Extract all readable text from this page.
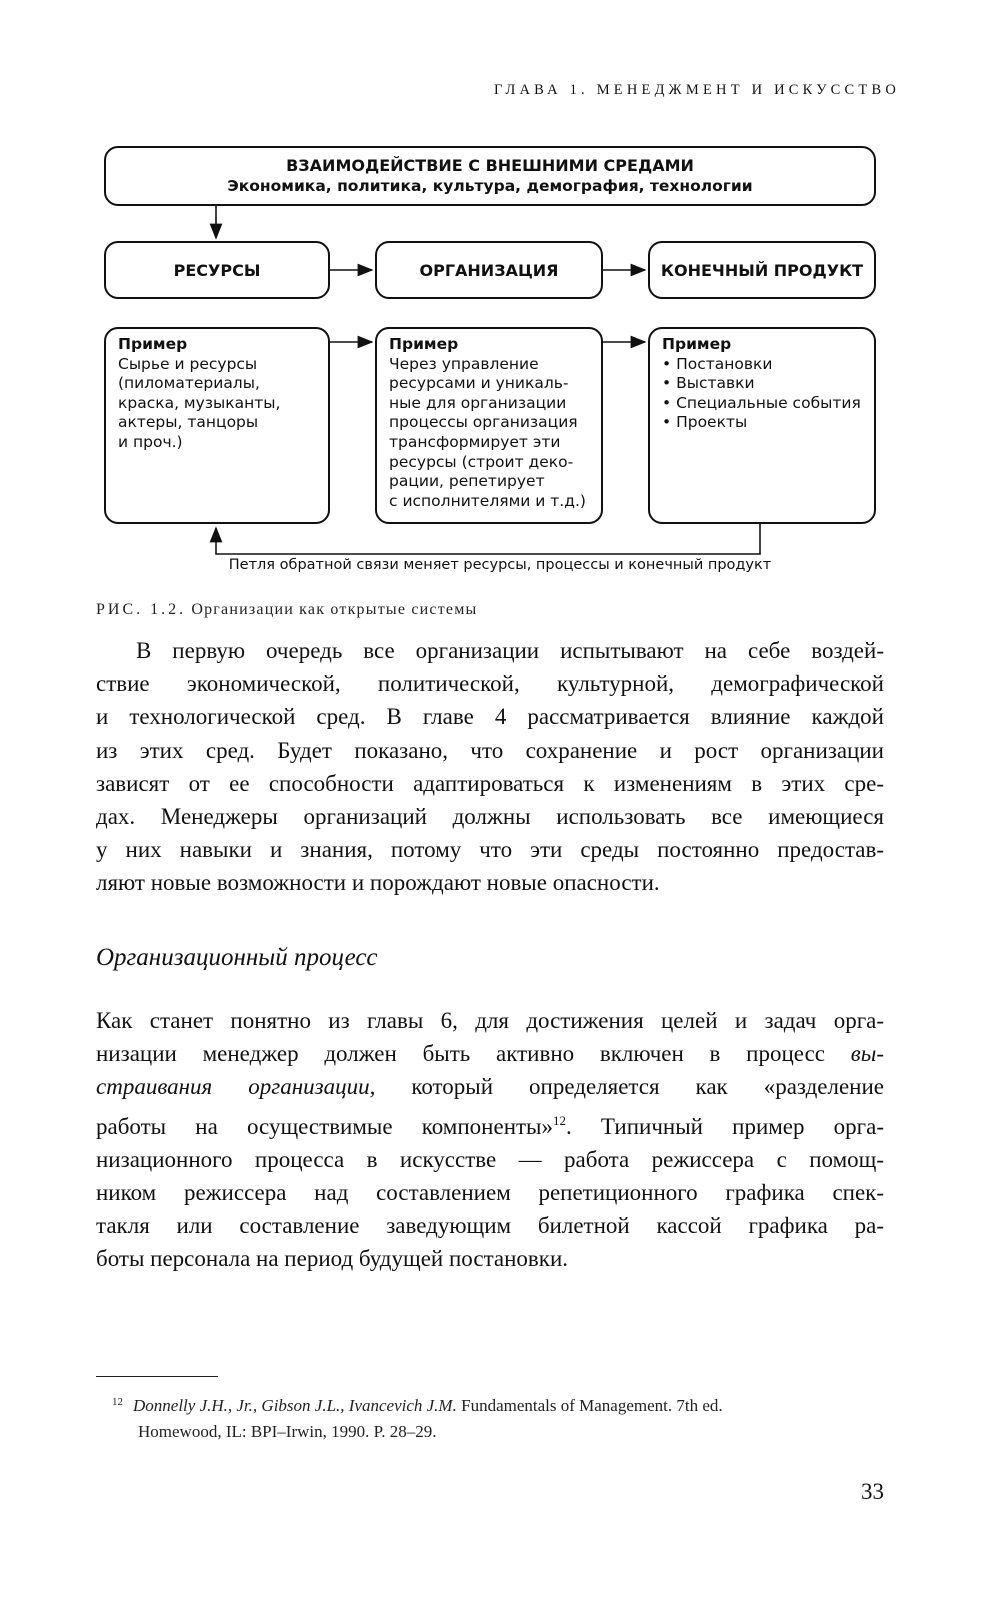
ГЛАВА 1. МЕНЕДЖМЕНТ И ИСКУССТВО
ВЗАИМОДЕЙСТВИЕ С ВНЕШНИМИ СРЕДАМИ
Экономика, политика, культура, демография, технологии
РЕСУРСЫ	ОРГАНИЗАЦИЯ	КОНЕЧНЫЙ ПРОДУКТ
Пример
Сырье и ресурсы
(пиломатериалы,
краска, музыканты,
актеры, танцоры
и проч.)
Пример
Через управление
ресурсами и уникаль-
ные для организации
процессы организация
трансформирует эти
ресурсы (строит деко-
рации, репетирует
с исполнителями и т.д.)
Пример
• Постановки
• Выставки
• Специальные события
• Проекты
Петля обратной связи меняет ресурсы, процессы и конечный продукт
РИС. 1.2. Организации как открытые системы

В первую очередь все организации испытывают на себе воздей-
ствие экономической, политической, культурной, демографической
и технологической сред. В главе 4 рассматривается влияние каждой
из этих сред. Будет показано, что сохранение и рост организации
зависят от ее способности адаптироваться к изменениям в этих сре-
дах. Менеджеры организаций должны использовать все имеющиеся
у них навыки и знания, потому что эти среды постоянно предостав-
ляют новые возможности и порождают новые опасности.

Организационный процесс

Как станет понятно из главы 6, для достижения целей и задач орга-
низации менеджер должен быть активно включен в процесс вы-
страивания организации, который определяется как «разделение
работы на осуществимые компоненты»$^{12}$. Типичный пример орга-
низационного процесса в искусстве — работа режиссера с помощ-
ником режиссера над составлением репетиционного графика спек-
такля или составление заведующим билетной кассой графика ра-
боты персонала на период будущей постановки.

$^{12}$ Donnelly J.H., Jr., Gibson J.L., Ivancevich J.M. Fundamentals of Management. 7th ed.
Homewood, IL: BPI–Irwin, 1990. P. 28–29.
33
